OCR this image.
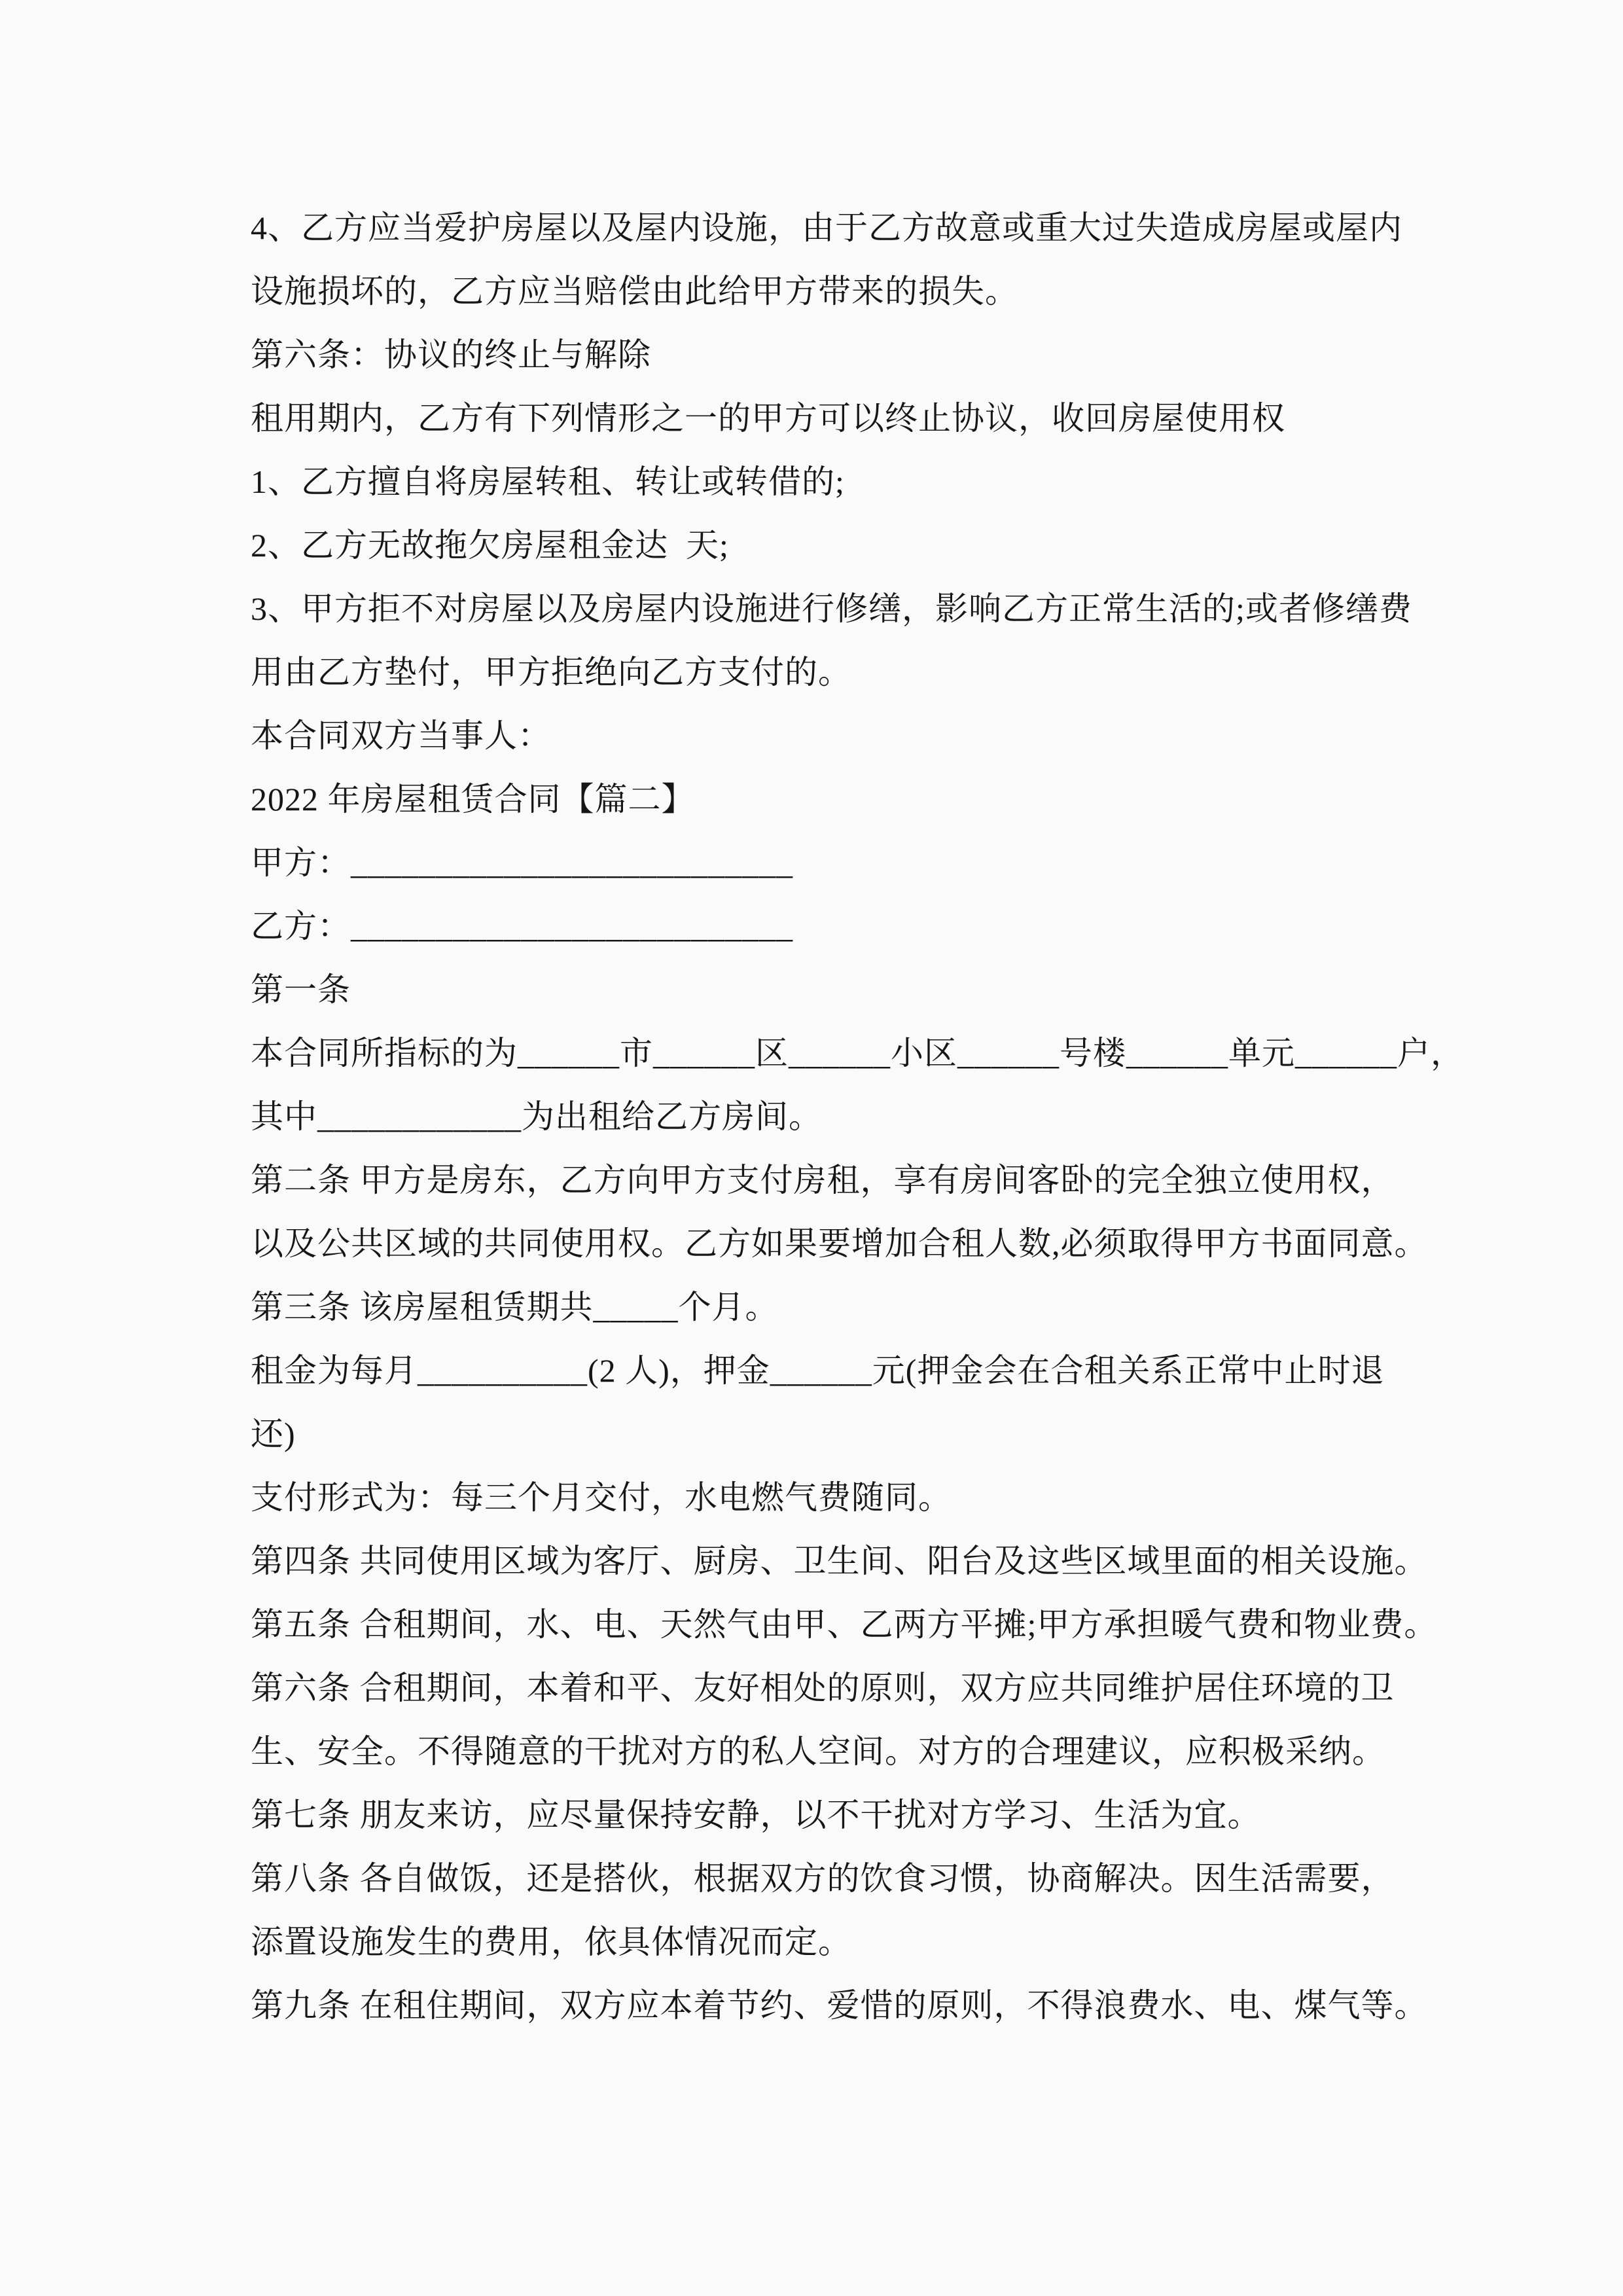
4、乙方应当爱护房屋以及屋内设施，由于乙方故意或重大过失造成房屋或屋内
设施损坏的，乙方应当赔偿由此给甲方带来的损失。
第六条：协议的终止与解除
租用期内，乙方有下列情形之一的甲方可以终止协议，收回房屋使用权
1、乙方擅自将房屋转租、转让或转借的;
2、乙方无故拖欠房屋租金达  天;
3、甲方拒不对房屋以及房屋内设施进行修缮，影响乙方正常生活的;或者修缮费
用由乙方垫付，甲方拒绝向乙方支付的。
本合同双方当事人：
2022 年房屋租赁合同【篇二】
甲方：__________________________
乙方：__________________________
第一条
本合同所指标的为______市______区______小区______号楼______单元______户，
其中____________为出租给乙方房间。
第二条 甲方是房东，乙方向甲方支付房租，享有房间客卧的完全独立使用权，
以及公共区域的共同使用权。乙方如果要增加合租人数,必须取得甲方书面同意。
第三条 该房屋租赁期共_____个月。
租金为每月__________(2 人)，押金______元(押金会在合租关系正常中止时退
还)
支付形式为：每三个月交付，水电燃气费随同。
第四条 共同使用区域为客厅、厨房、卫生间、阳台及这些区域里面的相关设施。
第五条 合租期间，水、电、天然气由甲、乙两方平摊;甲方承担暖气费和物业费。
第六条 合租期间，本着和平、友好相处的原则，双方应共同维护居住环境的卫
生、安全。不得随意的干扰对方的私人空间。对方的合理建议，应积极采纳。
第七条 朋友来访，应尽量保持安静，以不干扰对方学习、生活为宜。
第八条 各自做饭，还是搭伙，根据双方的饮食习惯，协商解决。因生活需要，
添置设施发生的费用，依具体情况而定。
第九条 在租住期间，双方应本着节约、爱惜的原则，不得浪费水、电、煤气等。
